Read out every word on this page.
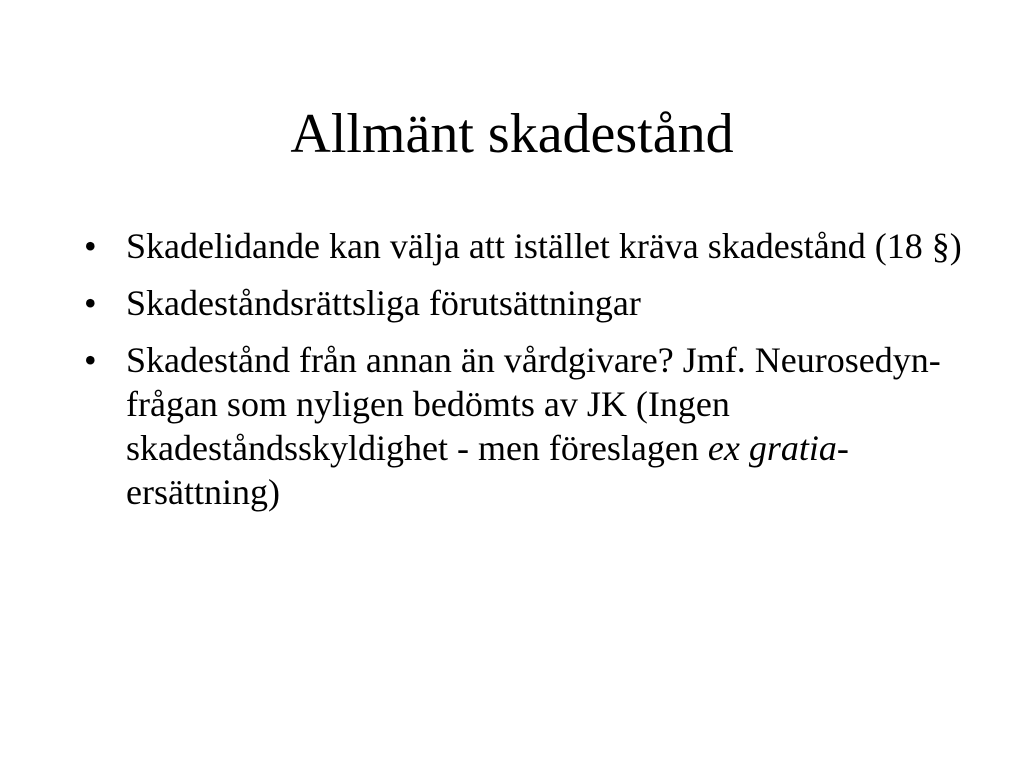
Allmänt skadestånd
• Skadelidande kan välja att istället kräva skadestånd (18 §)
• Skadeståndsrättsliga förutsättningar
• Skadestånd från annan än vårdgivare? Jmf. Neurosedyn-frågan som nyligen bedömts av JK (Ingen skadeståndsskyldighet - men föreslagen ex gratia-ersättning)
